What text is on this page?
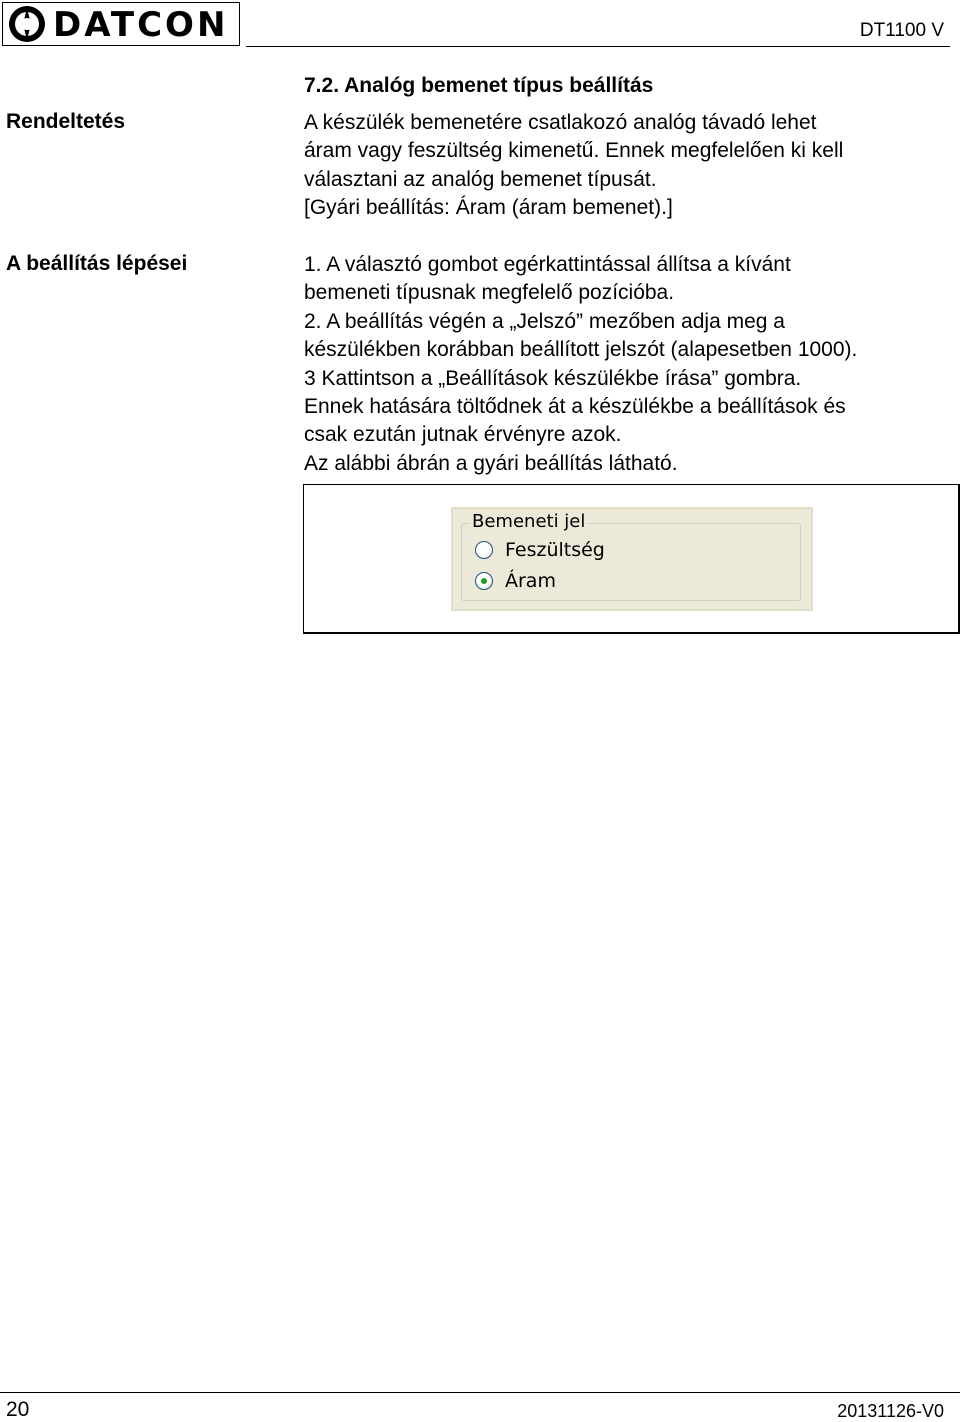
DATCON	DT1100 V
7.2. Analóg bemenet típus beállítás
Rendeltetés	A készülék bemenetére csatlakozó analóg távadó lehet

áram vagy feszültség kimenetű. Ennek megfelelően ki kell

választani az analóg bemenet típusát.

[Gyári beállítás: Áram (áram bemenet).]

A beállítás lépései	1. A választó gombot egérkattintással állítsa a kívánt

bemeneti típusnak megfelelő pozícióba.

2. A beállítás végén a „Jelszó” mezőben adja meg a

készülékben korábban beállított jelszót (alapesetben 1000).

3 Kattintson a „Beállítások készülékbe írása” gombra.

Ennek hatására töltődnek át a készülékbe a beállítások és

csak ezután jutnak érvényre azok.

Az alábbi ábrán a gyári beállítás látható.

Bemeneti jel
Feszültség
Áram
20	20131126-V0
